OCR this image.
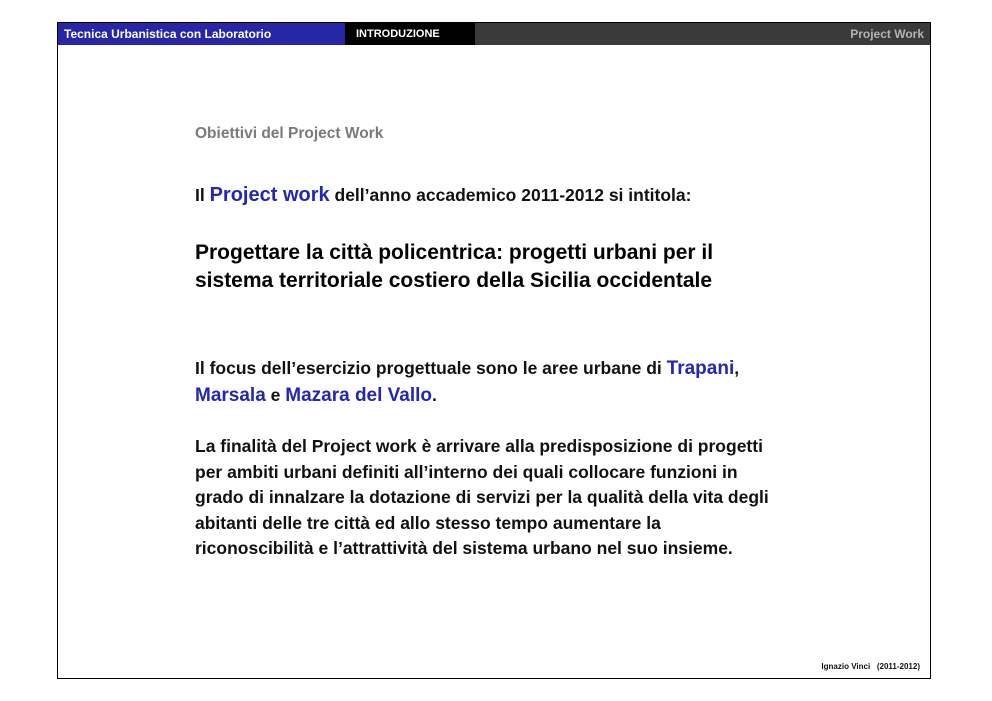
Tecnica Urbanistica con Laboratorio	INTRODUZIONE	Project Work
Obiettivi del Project Work
Il Project work dell’anno accademico 2011-2012 si intitola:
Progettare la città policentrica: progetti urbani per il
sistema territoriale costiero della Sicilia occidentale
Il focus dell’esercizio progettuale sono le aree urbane di Trapani,
Marsala e Mazara del Vallo.
La finalità del Project work è arrivare alla predisposizione di progetti
per ambiti urbani definiti all’interno dei quali collocare funzioni in
grado di innalzare la dotazione di servizi per la qualità della vita degli
abitanti delle tre città ed allo stesso tempo aumentare la
riconoscibilità e l’attrattività del sistema urbano nel suo insieme.
Ignazio Vinci (2011-2012)
